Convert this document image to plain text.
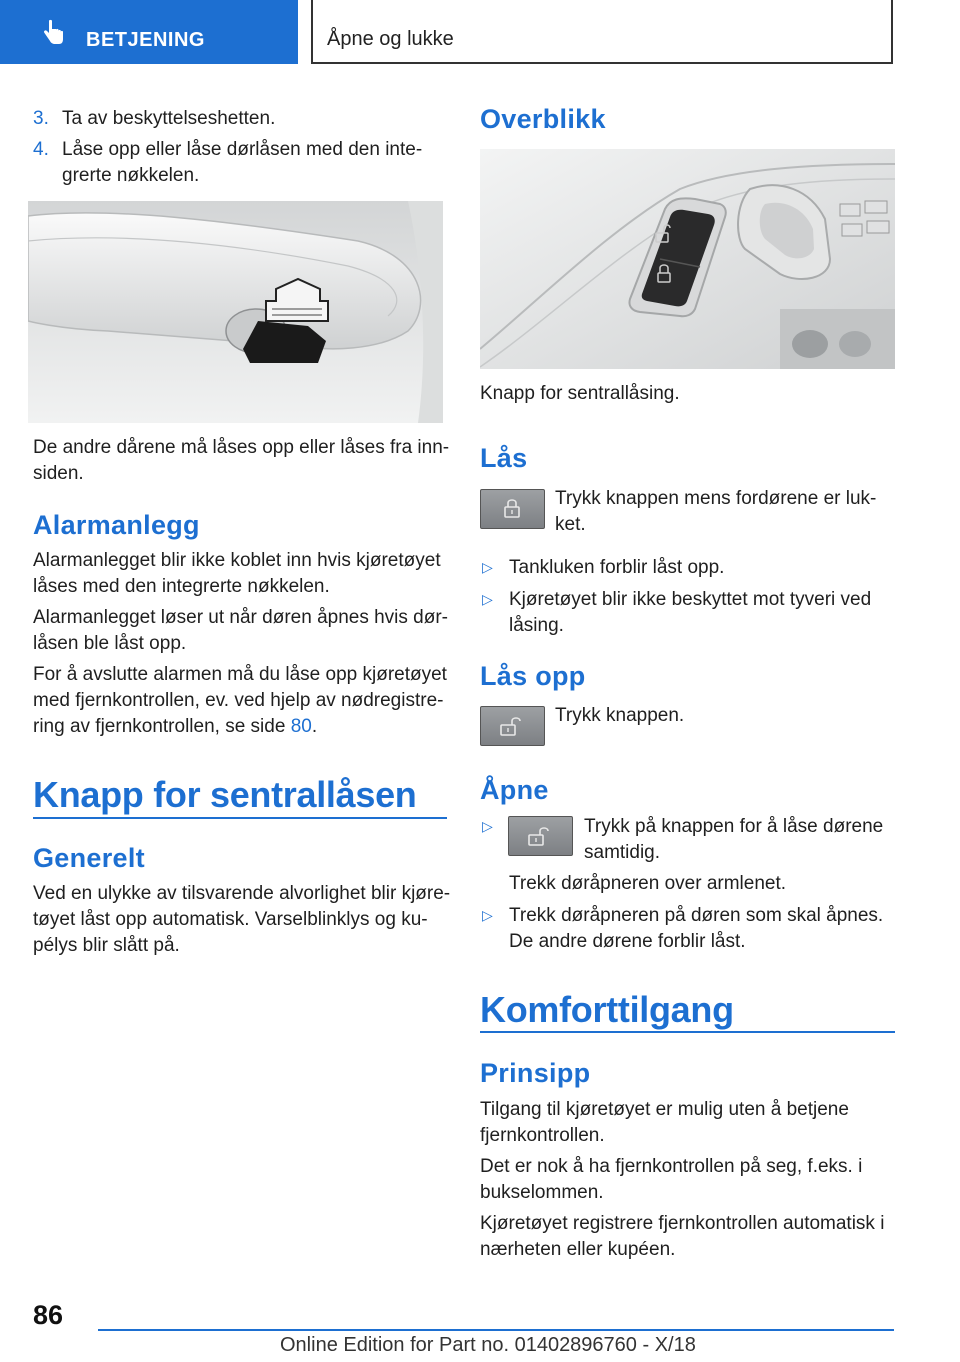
BETJENING	Åpne og lukke
3. Ta av beskyttelseshetten.

4. Låse opp eller låse dørlåsen med den inte‐

grerte nøkkelen.

De andre dårene må låses opp eller låses fra inn‐

siden.

Alarmanlegg

Alarmanlegget blir ikke koblet inn hvis kjøretøyet

låses med den integrerte nøkkelen.

Alarmanlegget løser ut når døren åpnes hvis dør‐

låsen ble låst opp.

For å avslutte alarmen må du låse opp kjøretøyet

med fjernkontrollen, ev. ved hjelp av nødregistre‐

ring av fjernkontrollen, se side 80.

Knapp for sentrallåsen
Generelt

Ved en ulykke av tilsvarende alvorlighet blir kjøre‐

tøyet låst opp automatisk. Varselblinklys og ku‐

pélys blir slått på.

Overblikk

Knapp for sentrallåsing.

Lås

Trykk knappen mens fordørene er luk‐

ket.

▷ Tankluken forblir låst opp.

▷ Kjøretøyet blir ikke beskyttet mot tyveri ved

låsing.

Lås opp

Trykk knappen.

Åpne
▷	Trykk på knappen for å låse dørene

samtidig.

Trekk døråpneren over armlenet.

▷ Trekk døråpneren på døren som skal åpnes.

De andre dørene forblir låst.

Komforttilgang
Prinsipp

Tilgang til kjøretøyet er mulig uten å betjene

fjernkontrollen.

Det er nok å ha fjernkontrollen på seg, f.eks. i

bukselommen.

Kjøretøyet registrere fjernkontrollen automatisk i

nærheten eller kupéen.

86
Online Edition for Part no. 01402896760 - X/18
